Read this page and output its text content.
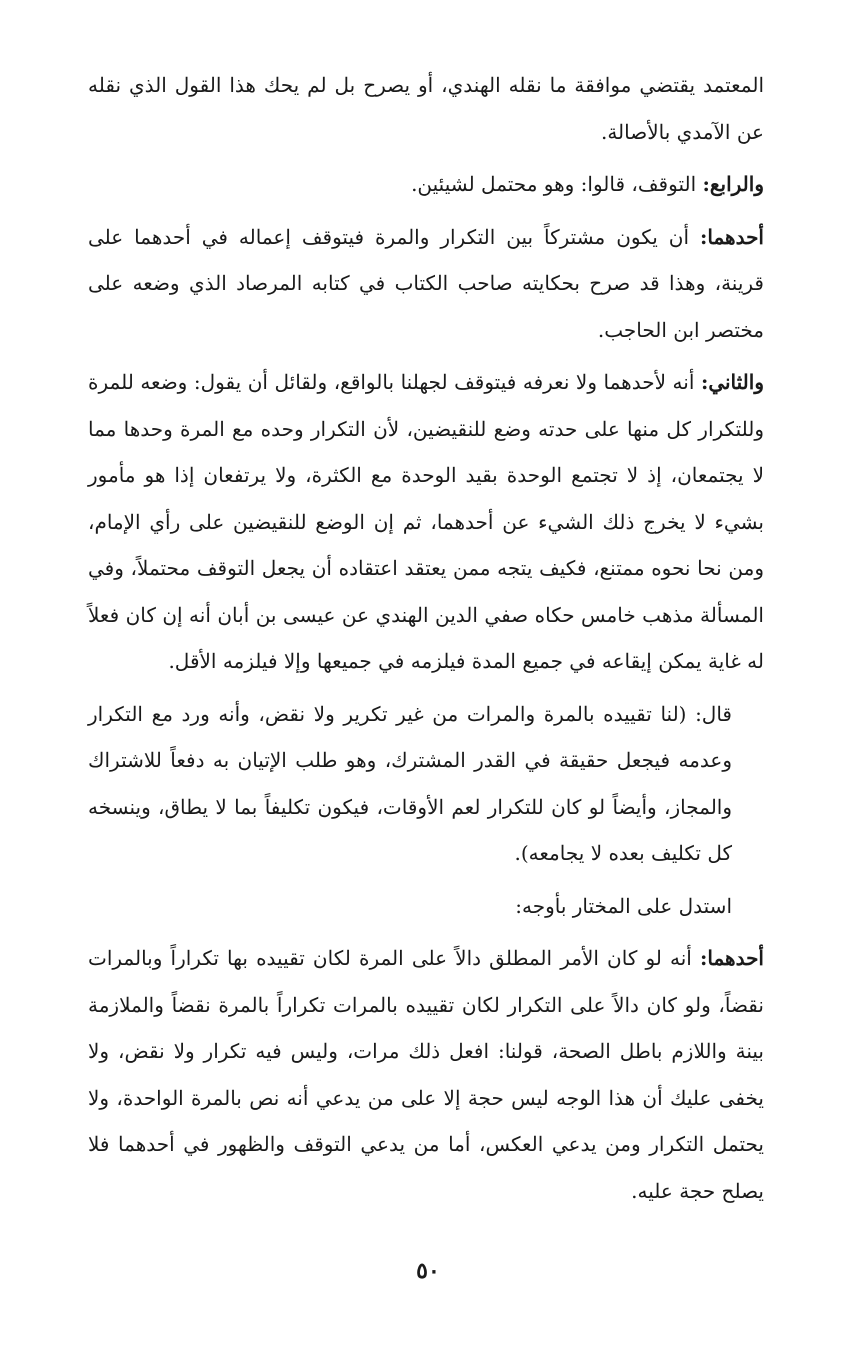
المعتمد يقتضي موافقة ما نقله الهندي، أو يصرح بل لم يحك هذا القول الذي نقله عن الآمدي بالأصالة.

والرابع: التوقف، قالوا: وهو محتمل لشيئين.

أحدهما: أن يكون مشتركاً بين التكرار والمرة فيتوقف إعماله في أحدهما على قرينة، وهذا قد صرح بحكايته صاحب الكتاب في كتابه المرصاد الذي وضعه على مختصر ابن الحاجب.

والثاني: أنه لأحدهما ولا نعرفه فيتوقف لجهلنا بالواقع، ولقائل أن يقول: وضعه للمرة وللتكرار كل منها على حدته وضع للنقيضين، لأن التكرار وحده مع المرة وحدها مما لا يجتمعان، إذ لا تجتمع الوحدة بقيد الوحدة مع الكثرة، ولا يرتفعان إذا هو مأمور بشيء لا يخرج ذلك الشيء عن أحدهما، ثم إن الوضع للنقيضين على رأي الإمام، ومن نحا نحوه ممتنع، فكيف يتجه ممن يعتقد اعتقاده أن يجعل التوقف محتملاً، وفي المسألة مذهب خامس حكاه صفي الدين الهندي عن عيسى بن أبان أنه إن كان فعلاً له غاية يمكن إيقاعه في جميع المدة فيلزمه في جميعها وإلا فيلزمه الأقل.

قال: (لنا تقييده بالمرة والمرات من غير تكرير ولا نقض، وأنه ورد مع التكرار وعدمه فيجعل حقيقة في القدر المشترك، وهو طلب الإتيان به دفعاً للاشتراك والمجاز، وأيضاً لو كان للتكرار لعم الأوقات، فيكون تكليفاً بما لا يطاق، وينسخه كل تكليف بعده لا يجامعه).

استدل على المختار بأوجه:

أحدهما: أنه لو كان الأمر المطلق دالاً على المرة لكان تقييده بها تكراراً وبالمرات نقضاً، ولو كان دالاً على التكرار لكان تقييده بالمرات تكراراً بالمرة نقضاً والملازمة بينة واللازم باطل الصحة، قولنا: افعل ذلك مرات، وليس فيه تكرار ولا نقض، ولا يخفى عليك أن هذا الوجه ليس حجة إلا على من يدعي أنه نص بالمرة الواحدة، ولا يحتمل التكرار ومن يدعي العكس، أما من يدعي التوقف والظهور في أحدهما فلا يصلح حجة عليه.

٥٠
